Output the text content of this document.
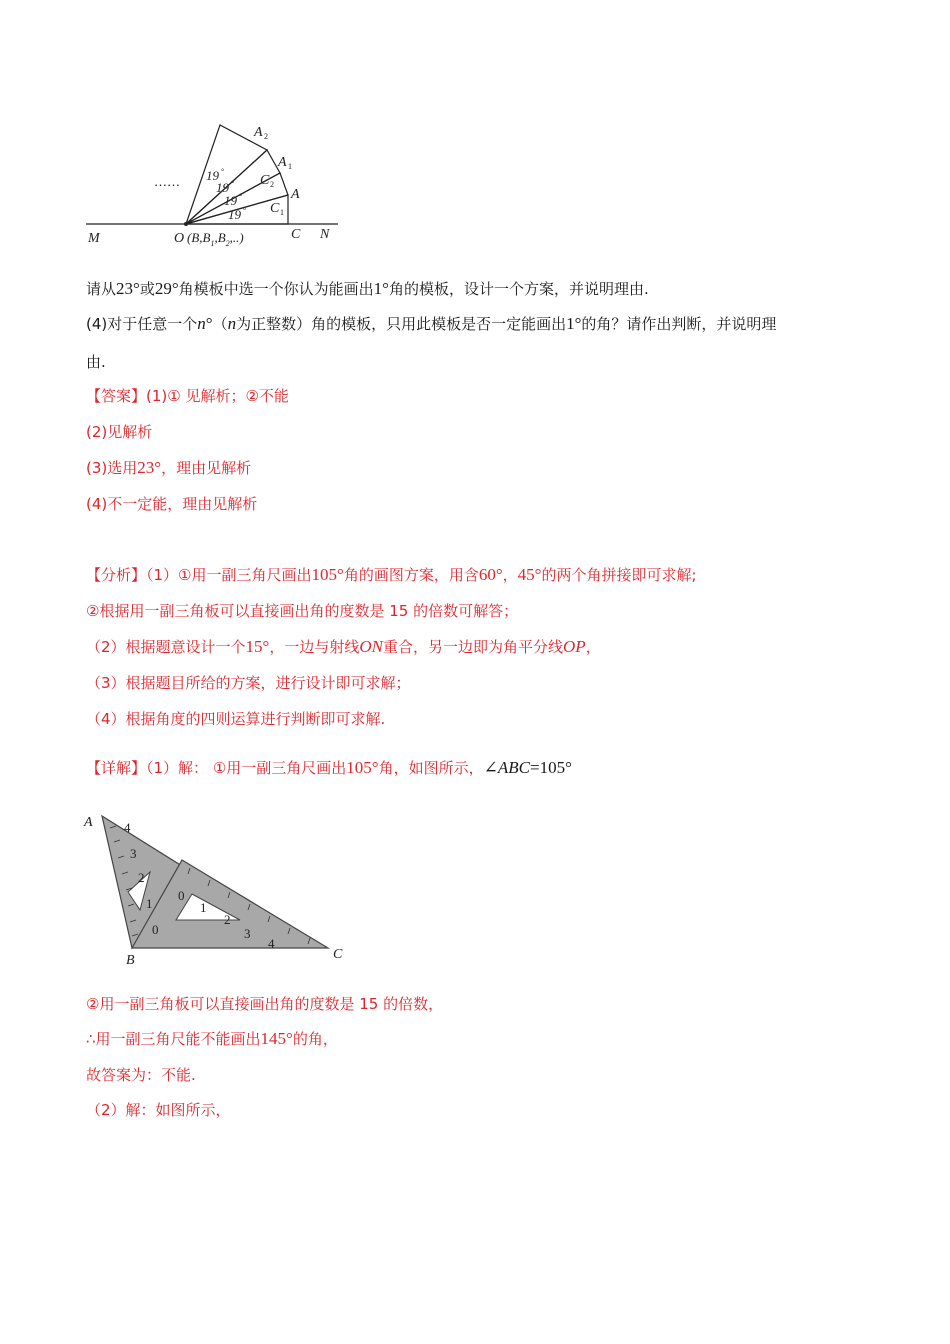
…… 19
19
19
19
°
°
°
°
A
A
A
C
C
M	O	C N
2
1
2
1
$(B,B_1,B_2,..)$
请从23°或29°角模板中选一个你认为能画出1°角的模板，设计一个方案，并说明理由.
(4)对于任意一个n°（n为正整数）角的模板，只用此模板是否一定能画出1°的角？请作出判断，并说明理
由.
【答案】(1)① 见解析；②不能
(2)见解析
(3)选用23°，理由见解析
(4)不一定能，理由见解析
【分析】（1）①用一副三角尺画出105°角的画图方案，用含60°，45°的两个角拼接即可求解;
②根据用一副三角板可以直接画出角的度数是 15 的倍数可解答；
（2）根据题意设计一个15°，一边与射线ON重合，另一边即为角平分线OP，
（3）根据题目所给的方案，进行设计即可求解；
（4）根据角度的四则运算进行判断即可求解.
【详解】（1）解： ①用一副三角尺画出105°角，如图所示，∠ABC=105°
A
B	C
4
3
2
1
0
0
1
2
3
4
②用一副三角板可以直接画出角的度数是 15 的倍数，
∴用一副三角尺能不能画出145°的角，
故答案为：不能.
（2）解：如图所示，
